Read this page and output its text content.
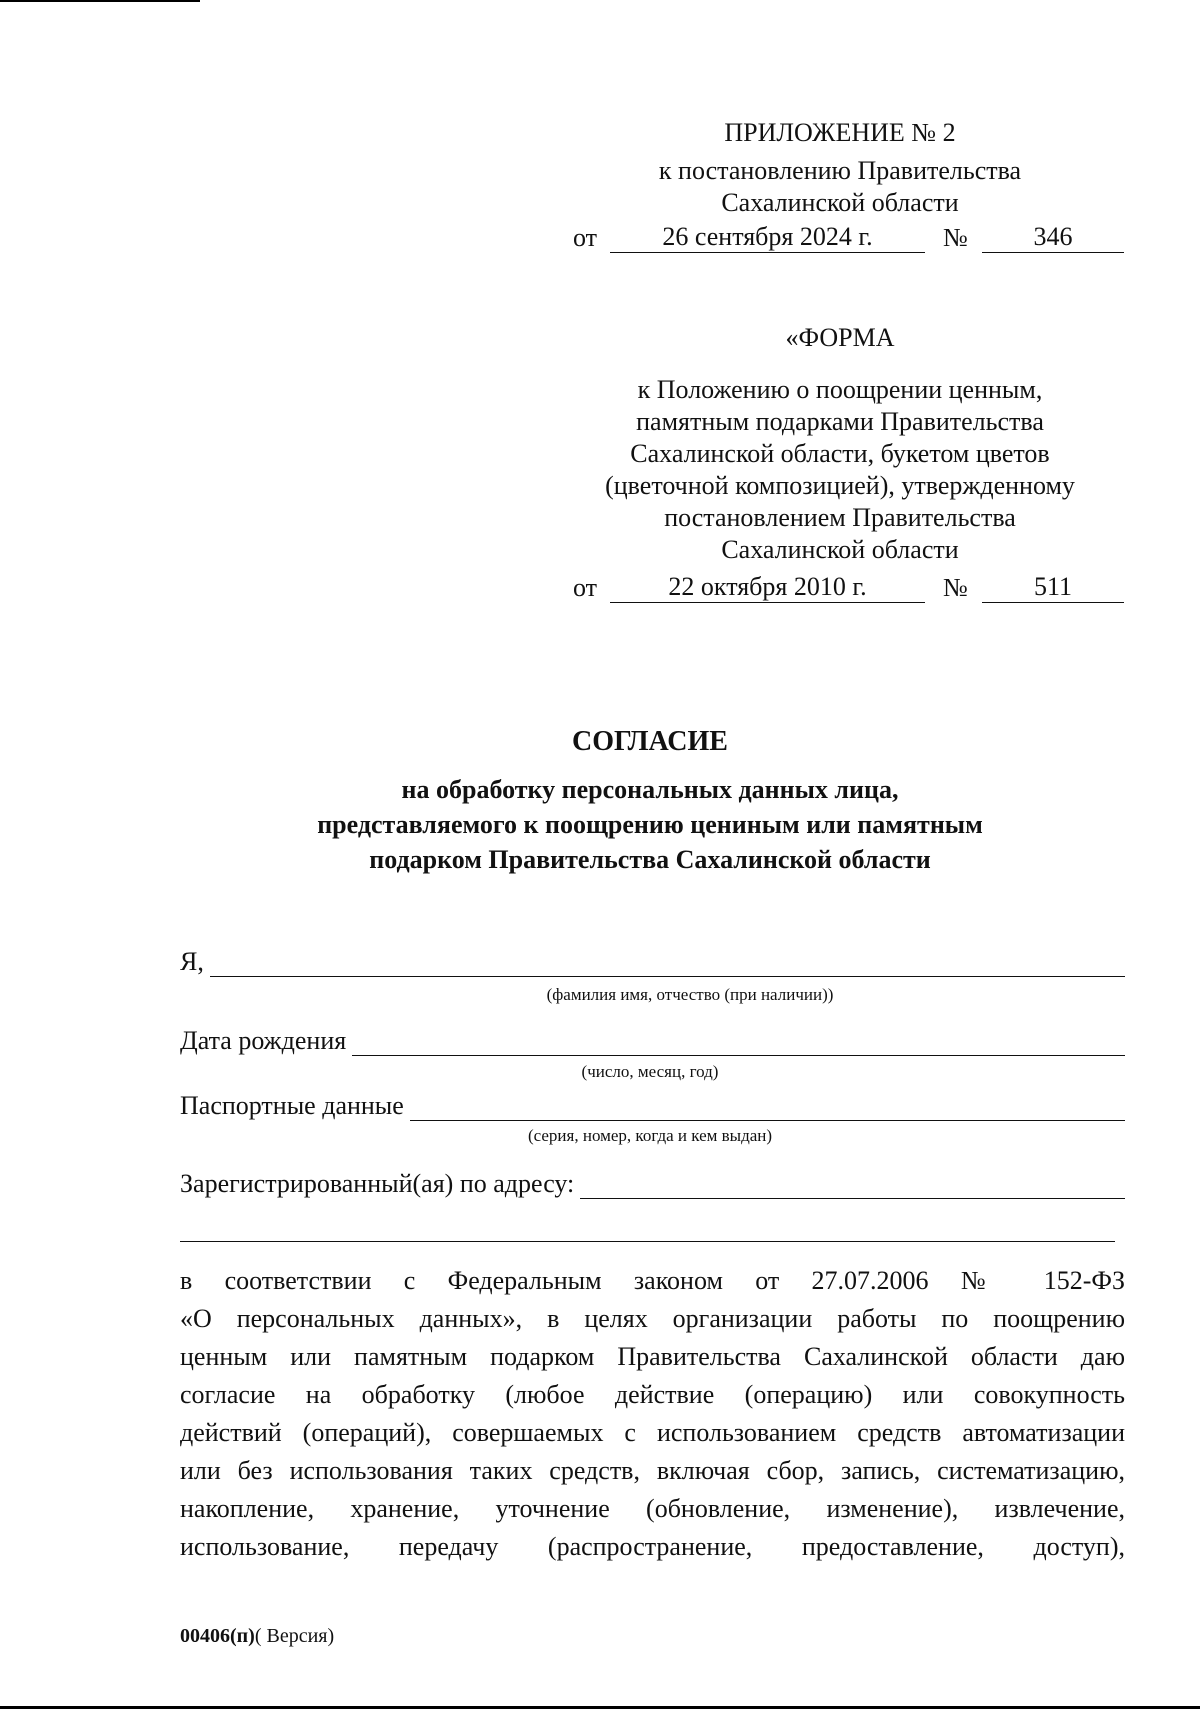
ПРИЛОЖЕНИЕ № 2
к постановлению Правительства
Сахалинской области
от	26 сентября 2024 г.	№	346
«ФОРМА
к Положению о поощрении ценным,
памятным подарками Правительства
Сахалинской области, букетом цветов
(цветочной композицией), утвержденному
постановлением Правительства
Сахалинской области
от	22 октября 2010 г.	№	511
СОГЛАСИЕ
на обработку персональных данных лица,
представляемого к поощрению цениным или памятным
подарком Правительства Сахалинской области
Я,
(фамилия имя, отчество (при наличии))
Дата рождения
(число, месяц, год)
Паспортные данные
(серия, номер, когда и кем выдан)
Зарегистрированный(ая) по адресу:
в соответствии с Федеральным законом от 27.07.2006 № 152-ФЗ
«О персональных данных», в целях организации работы по поощрению
ценным или памятным подарком Правительства Сахалинской области даю
согласие на обработку (любое действие (операцию) или совокупность
действий (операций), совершаемых с использованием средств автоматизации
или без использования таких средств, включая сбор, запись, систематизацию,
накопление, хранение, уточнение (обновление, изменение), извлечение,
использование, передачу (распространение, предоставление, доступ),
00406(п)( Версия)
